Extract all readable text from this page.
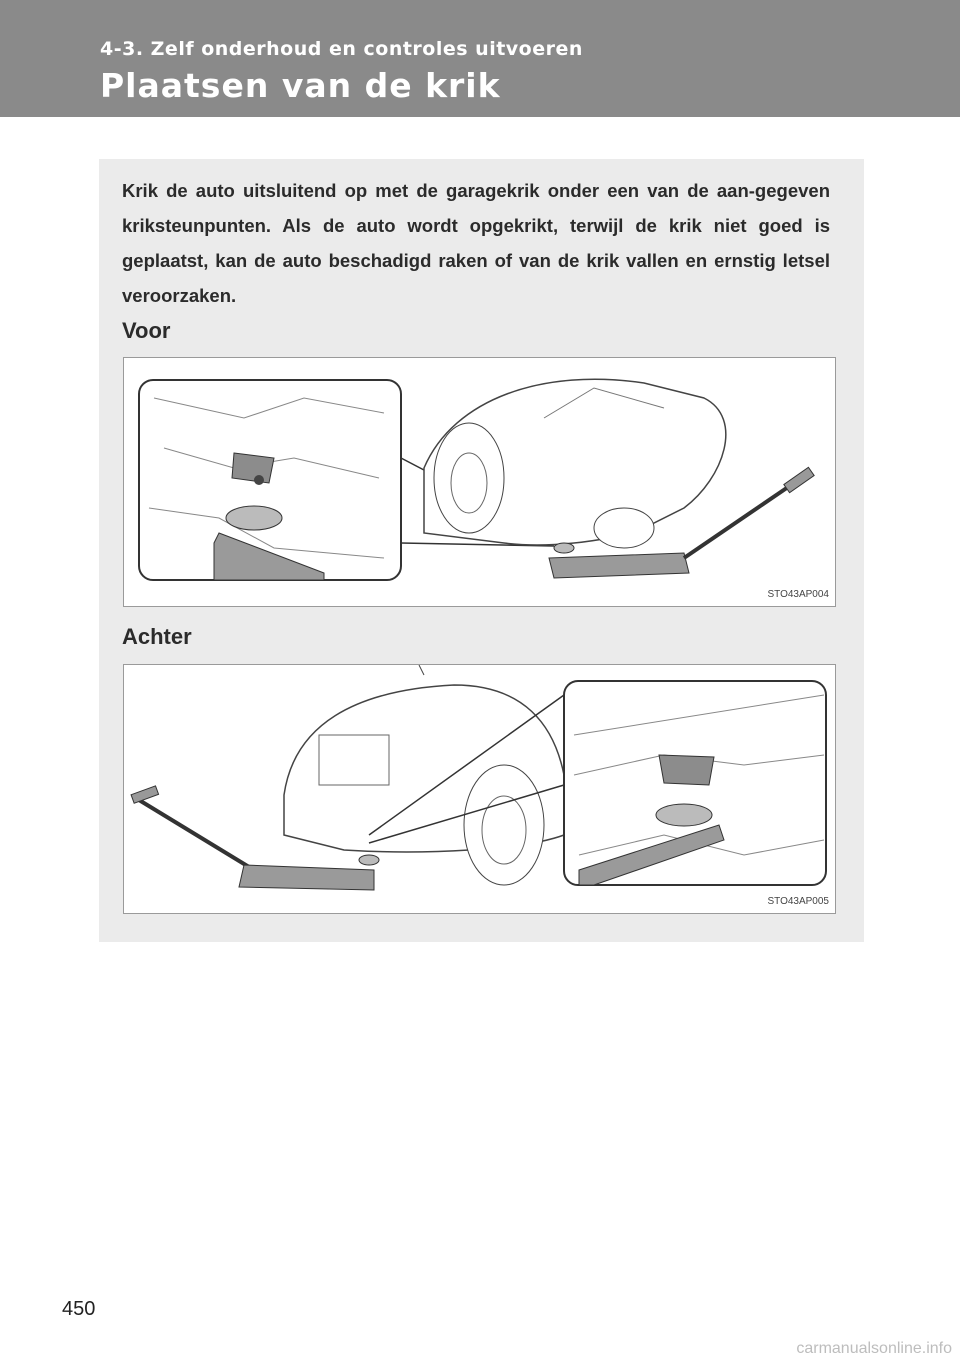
4-3. Zelf onderhoud en controles uitvoeren
Plaatsen van de krik
Krik de auto uitsluitend op met de garagekrik onder een van de aan-gegeven kriksteunpunten. Als de auto wordt opgekrikt, terwijl de krik niet goed is geplaatst, kan de auto beschadigd raken of van de krik vallen en ernstig letsel veroorzaken.
Voor
STO43AP004
Achter
STO43AP005
450
carmanualsonline.info
